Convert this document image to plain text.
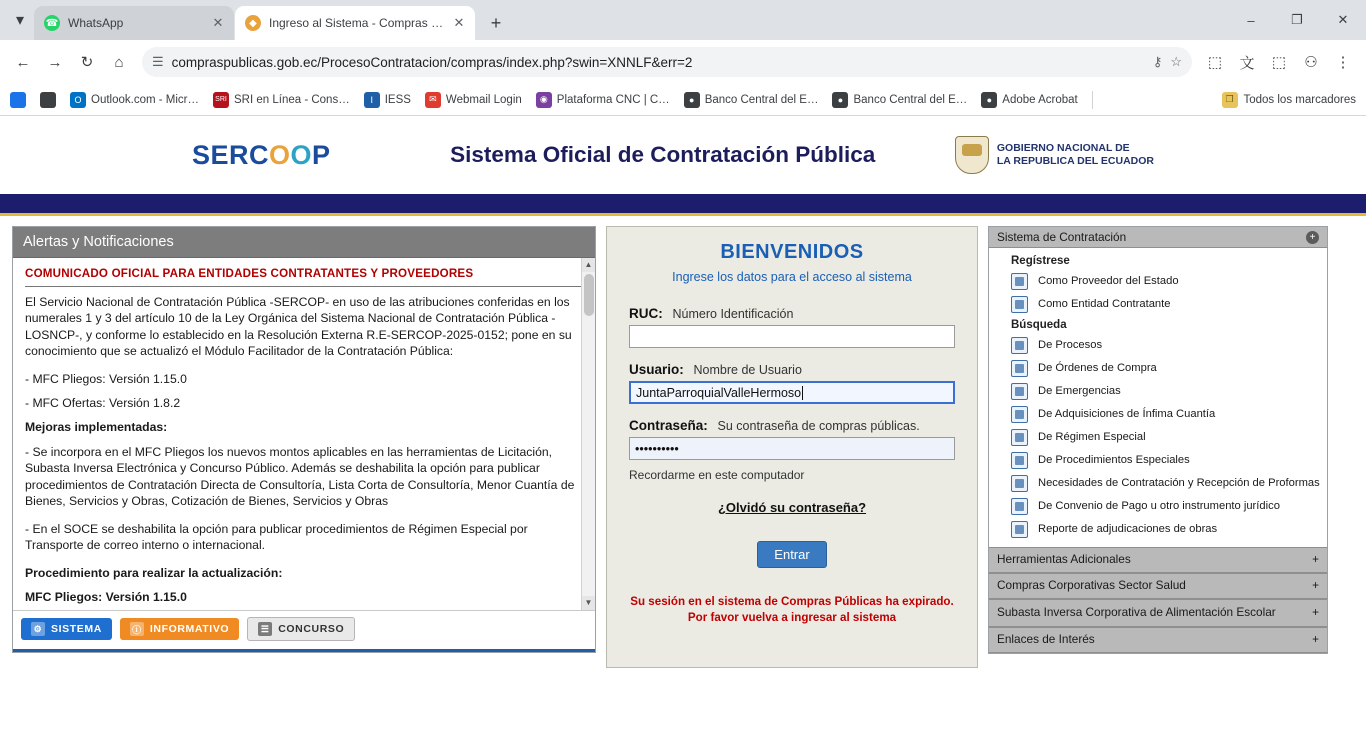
▾	☎ WhatsApp	✕	◆	Ingreso al Sistema - Compras P…	✕	+	–	❐	✕
←	→	↻	⌂	☰ compraspublicas.gob.ec/ProcesoContratacion/compras/index.php?swin=XNNLF&err=2	⚷ ☆	⬚	文	⬚	⚇	⋮
O Outlook.com - Micr…	SRI SRI en Línea - Cons…	I	IESS	✉ Webmail Login	◉ Plataforma CNC | C…	● Banco Central del E…	● Banco Central del E…	● Adobe Acrobat	❐ Todos los marcadores
SERC O O P	Sistema Oficial de Contratación Pública	GOBIERNO NACIONAL DE
LA REPUBLICA DEL ECUADOR
Alertas y Notificaciones
COMUNICADO OFICIAL PARA ENTIDADES CONTRATANTES Y PROVEEDORES

El Servicio Nacional de Contratación Pública -SERCOP- en uso de las atribuciones conferidas en los numerales 1 y 3 del artículo 10 de la Ley Orgánica del Sistema Nacional de Contratación Pública -LOSNCP-, y conforme lo establecido en la Resolución Externa R.E-SERCOP-2025-0152; pone en su conocimiento que se actualizó el Módulo Facilitador de la Contratación Pública:

- MFC Pliegos: Versión 1.15.0

- MFC Ofertas: Versión 1.8.2

Mejoras implementadas:

- Se incorpora en el MFC Pliegos los nuevos montos aplicables en las herramientas de Licitación, Subasta Inversa Electrónica y Concurso Público. Además se deshabilita la opción para publicar procedimientos de Contratación Directa de Consultoría, Lista Corta de Consultoría, Menor Cuantía de Bienes, Servicios y Obras, Cotización de Bienes, Servicios y Obras

- En el SOCE se deshabilita la opción para publicar procedimientos de Régimen Especial por Transporte de correo interno o internacional.

Procedimiento para realizar la actualización:

MFC Pliegos: Versión 1.15.0

▲
▼
⚙ SISTEMA	ⓘ INFORMATIVO	☰ CONCURSO
BIENVENIDOS
Ingrese los datos para el acceso al sistema
RUC: Número Identificación
Usuario: Nombre de Usuario
JuntaParroquialValleHermoso
Contraseña: Su contraseña de compras públicas.
••••••••••
Recordarme en este computador
¿Olvidó su contraseña?
Entrar
Su sesión en el sistema de Compras Públicas ha expirado. Por favor vuelva a ingresar al sistema
Sistema de Contratación	+
Regístrese
Como Proveedor del Estado
Como Entidad Contratante
Búsqueda
De Procesos
De Órdenes de Compra
De Emergencias
De Adquisiciones de Ínfima Cuantía
De Régimen Especial
De Procedimientos Especiales
Necesidades de Contratación y Recepción de Proformas
De Convenio de Pago u otro instrumento jurídico
Reporte de adjudicaciones de obras
Herramientas Adicionales	+
Compras Corporativas Sector Salud	+
Subasta Inversa Corporativa de Alimentación Escolar	+
Enlaces de Interés	+
